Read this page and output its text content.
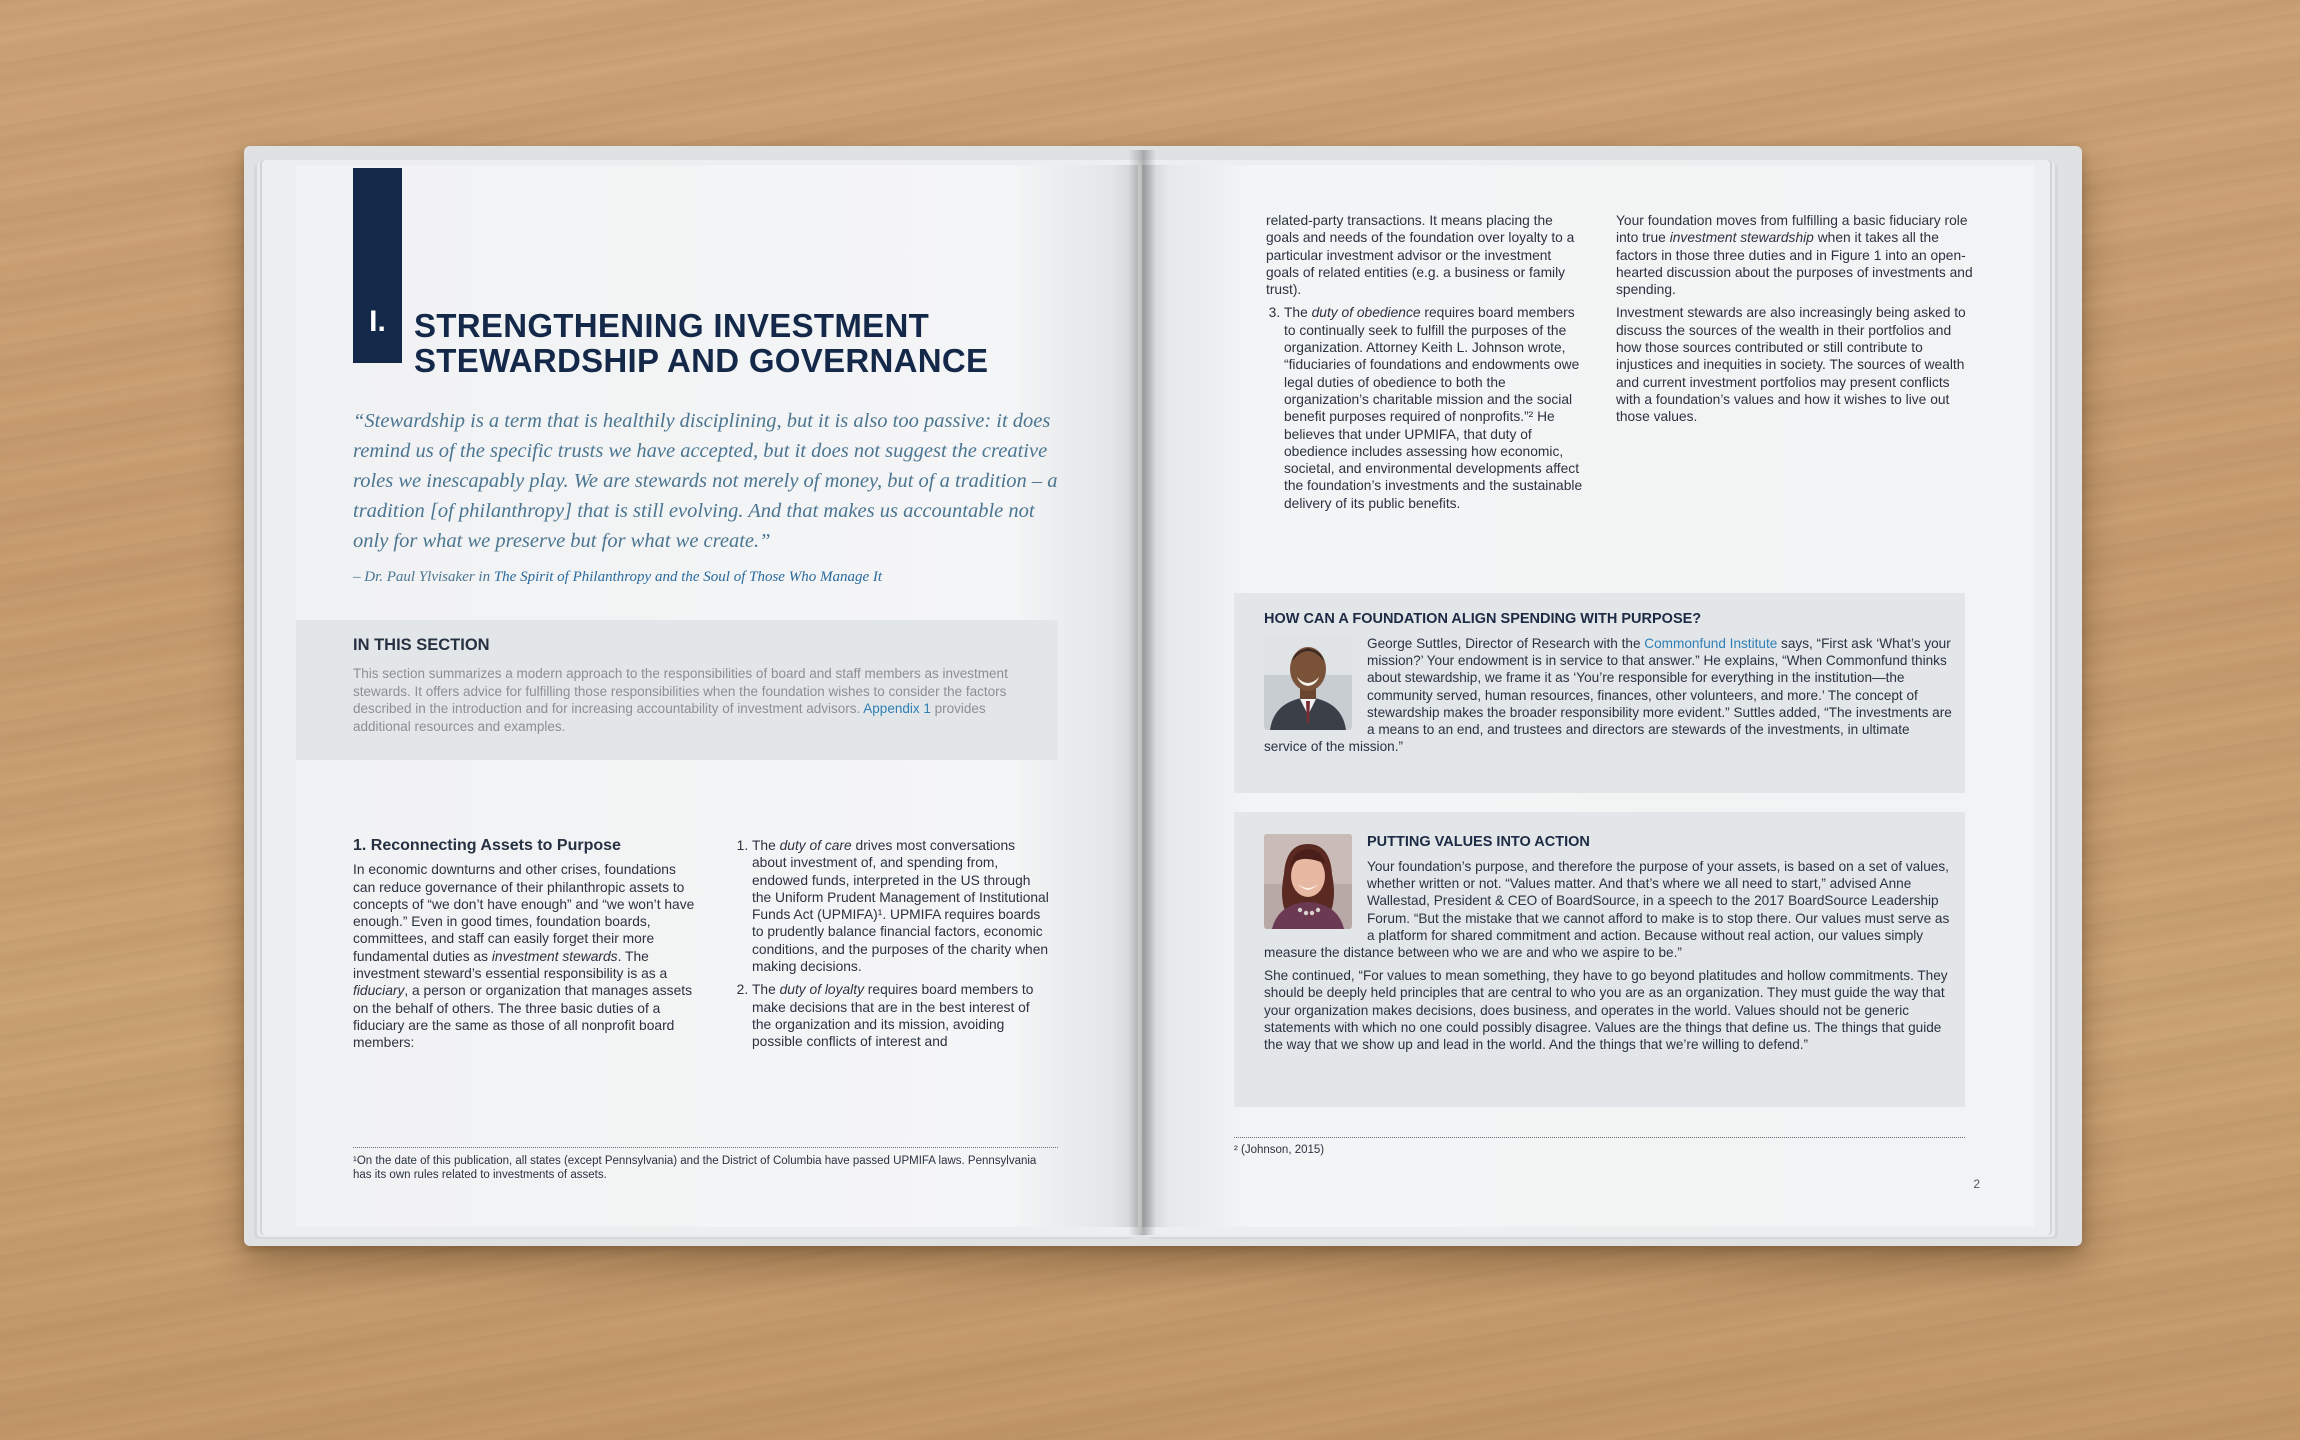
I. STRENGTHENING INVESTMENT
STEWARDSHIP AND GOVERNANCE
“Stewardship is a term that is healthily disciplining, but it is also too passive: it does remind us of the specific trusts we have accepted, but it does not suggest the creative roles we inescapably play. We are stewards not merely of money, but of a tradition – a tradition [of philanthropy] that is still evolving. And that makes us accountable not only for what we preserve but for what we create.”
– Dr. Paul Ylvisaker in The Spirit of Philanthropy and the Soul of Those Who Manage It
IN THIS SECTION

This section summarizes a modern approach to the responsibilities of board and staff members as investment stewards. It offers advice for fulfilling those responsibilities when the foundation wishes to consider the factors described in the introduction and for increasing accountability of investment advisors. Appendix 1 provides additional resources and examples.

1. Reconnecting Assets to Purpose

In economic downturns and other crises, foundations can reduce governance of their philanthropic assets to concepts of “we don’t have enough” and “we won’t have enough.” Even in good times, foundation boards, committees, and staff can easily forget their more fundamental duties as investment stewards. The investment steward’s essential responsibility is as a fiduciary, a person or organization that manages assets on the behalf of others. The three basic duties of a fiduciary are the same as those of all nonprofit board members:

1. The duty of care drives most conversations about investment of, and spending from, endowed funds, interpreted in the US through the Uniform Prudent Management of Institutional Funds Act (UPMIFA)¹. UPMIFA requires boards to prudently balance financial factors, economic conditions, and the purposes of the charity when making decisions.
2. The duty of loyalty requires board members to make decisions that are in the best interest of the organization and its mission, avoiding possible conflicts of interest and
¹On the date of this publication, all states (except Pennsylvania) and the District of Columbia have passed UPMIFA laws. Pennsylvania has its own rules related to investments of assets.

related-party transactions. It means placing the goals and needs of the foundation over loyalty to a particular investment advisor or the investment goals of related entities (e.g. a business or family trust).

3. The duty of obedience requires board members to continually seek to fulfill the purposes of the organization. Attorney Keith L. Johnson wrote, “fiduciaries of foundations and endowments owe legal duties of obedience to both the organization’s charitable mission and the social benefit purposes required of nonprofits.”² He believes that under UPMIFA, that duty of obedience includes assessing how economic, societal, and environmental developments affect the foundation’s investments and the sustainable delivery of its public benefits.

Your foundation moves from fulfilling a basic fiduciary role into true investment stewardship when it takes all the factors in those three duties and in Figure 1 into an open-hearted discussion about the purposes of investments and spending.

Investment stewards are also increasingly being asked to discuss the sources of the wealth in their portfolios and how those sources contributed or still contribute to injustices and inequities in society. The sources of wealth and current investment portfolios may present conflicts with a foundation’s values and how it wishes to live out those values.

HOW CAN A FOUNDATION ALIGN SPENDING WITH PURPOSE?
George Suttles, Director of Research with the Commonfund Institute says, “First ask ‘What’s your mission?’ Your endowment is in service to that answer.” He explains, “When Commonfund thinks about stewardship, we frame it as ‘You’re responsible for everything in the institution—the community served, human resources, finances, other volunteers, and more.’ The concept of stewardship makes the broader responsibility more evident.” Suttles added, “The investments are a means to an end, and trustees and directors are stewards of the investments, in ultimate service of the mission.”
PUTTING VALUES INTO ACTION

Your foundation’s purpose, and therefore the purpose of your assets, is based on a set of values, whether written or not. “Values matter. And that’s where we all need to start,” advised Anne Wallestad, President & CEO of BoardSource, in a speech to the 2017 BoardSource Leadership Forum. “But the mistake that we cannot afford to make is to stop there. Our values must serve as a platform for shared commitment and action. Because without real action, our values simply measure the distance between who we are and who we aspire to be.”

She continued, “For values to mean something, they have to go beyond platitudes and hollow commitments. They should be deeply held principles that are central to who you are as an organization. They must guide the way that your organization makes decisions, does business, and operates in the world. Values should not be generic statements with which no one could possibly disagree. Values are the things that define us. The things that guide the way that we show up and lead in the world. And the things that we’re willing to defend.”

² (Johnson, 2015)
2
